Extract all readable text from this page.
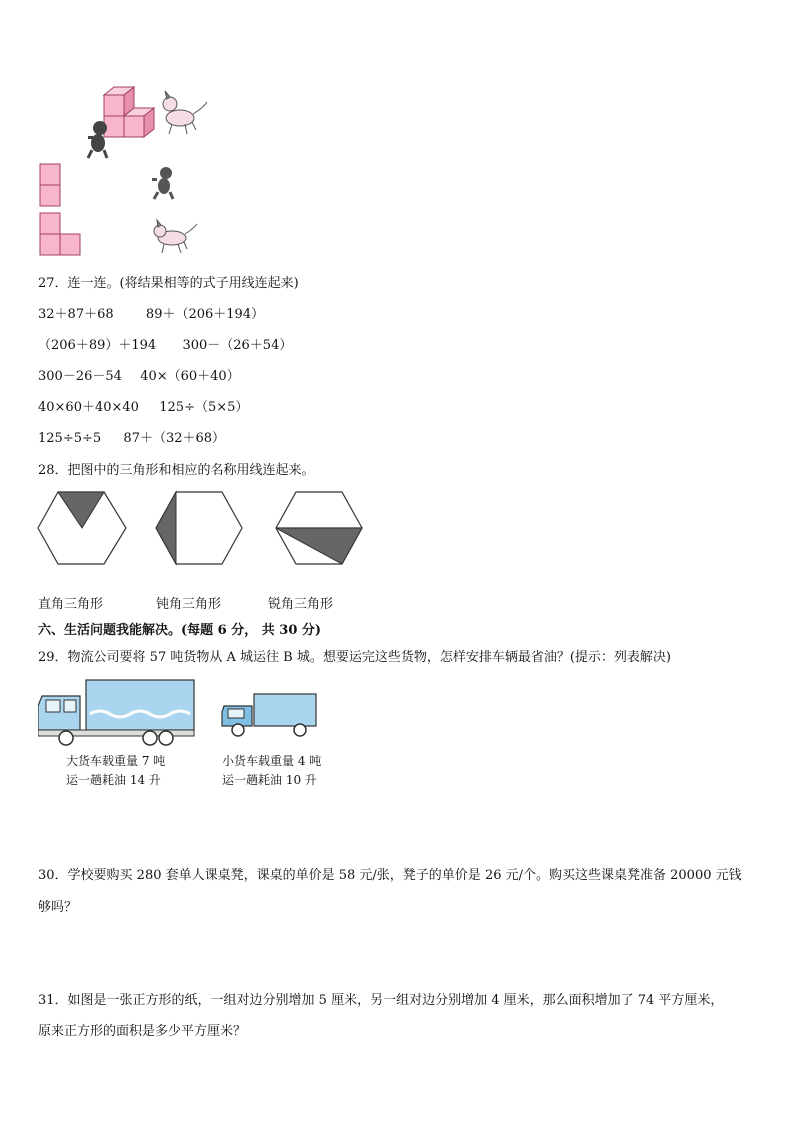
27．连一连。(将结果相等的式子用线连起来)
32＋87＋68 89＋（206＋194）
（206＋89）＋194 300－（26＋54）
300－26－54 40×（60＋40）
40×60＋40×40 125÷（5×5）
125÷5÷5 87＋（32＋68）
28．把图中的三角形和相应的名称用线连起来。
直角三角形	钝角三角形	锐角三角形
六、生活问题我能解决。(每题 6 分， 共 30 分)
29．物流公司要将 57 吨货物从 A 城运往 B 城。想要运完这些货物，怎样安排车辆最省油？(提示：列表解决)
大货车载重量 7 吨
运一趟耗油 14 升
小货车载重量 4 吨
运一趟耗油 10 升
30．学校要购买 280 套单人课桌凳，课桌的单价是 58 元/张，凳子的单价是 26 元/个。购买这些课桌凳准备 20000 元钱
够吗？
31．如图是一张正方形的纸，一组对边分别增加 5 厘米，另一组对边分别增加 4 厘米，那么面积增加了 74 平方厘米，
原来正方形的面积是多少平方厘米？
